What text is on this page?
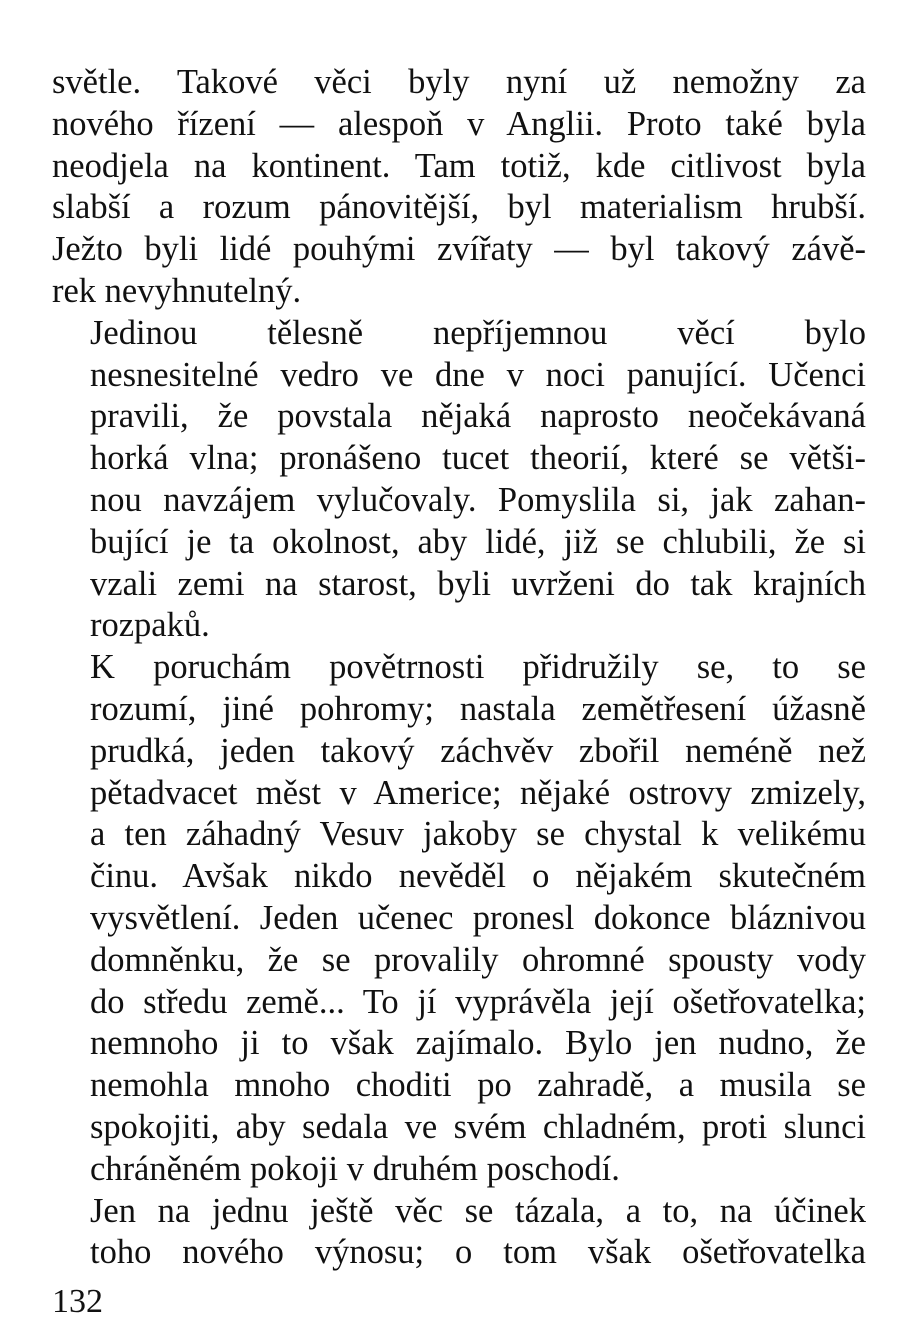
světle. Takové věci byly nyní už nemožny za
nového řízení — alespoň v Anglii. Proto také byla
neodjela na kontinent. Tam totiž, kde citlivost byla
slabší a rozum pánovitější, byl materialism hrubší.
Ježto byli lidé pouhými zvířaty — byl takový závě-
rek nevyhnutelný.

Jedinou tělesně nepříjemnou věcí bylo
nesnesitelné vedro ve dne v noci panující. Učenci
pravili, že povstala nějaká naprosto neočekávaná
horká vlna; pronášeno tucet theorií, které se větši-
nou navzájem vylučovaly. Pomyslila si, jak zahan-
bující je ta okolnost, aby lidé, již se chlubili, že si
vzali zemi na starost, byli uvrženi do tak krajních
rozpaků.

K poruchám povětrnosti přidružily se, to se
rozumí, jiné pohromy; nastala zemětřesení úžasně
prudká, jeden takový záchvěv zbořil neméně než
pětadvacet měst v Americe; nějaké ostrovy zmizely,
a ten záhadný Vesuv jakoby se chystal k velikému
činu. Avšak nikdo nevěděl o nějakém skutečném
vysvětlení. Jeden učenec pronesl dokonce bláznivou
domněnku, že se provalily ohromné spousty vody
do středu země... To jí vyprávěla její ošetřovatelka;
nemnoho ji to však zajímalo. Bylo jen nudno, že
nemohla mnoho choditi po zahradě, a musila se
spokojiti, aby sedala ve svém chladném, proti slunci
chráněném pokoji v druhém poschodí.

Jen na jednu ještě věc se tázala, a to, na účinek
toho nového výnosu; o tom však ošetřovatelka

132
